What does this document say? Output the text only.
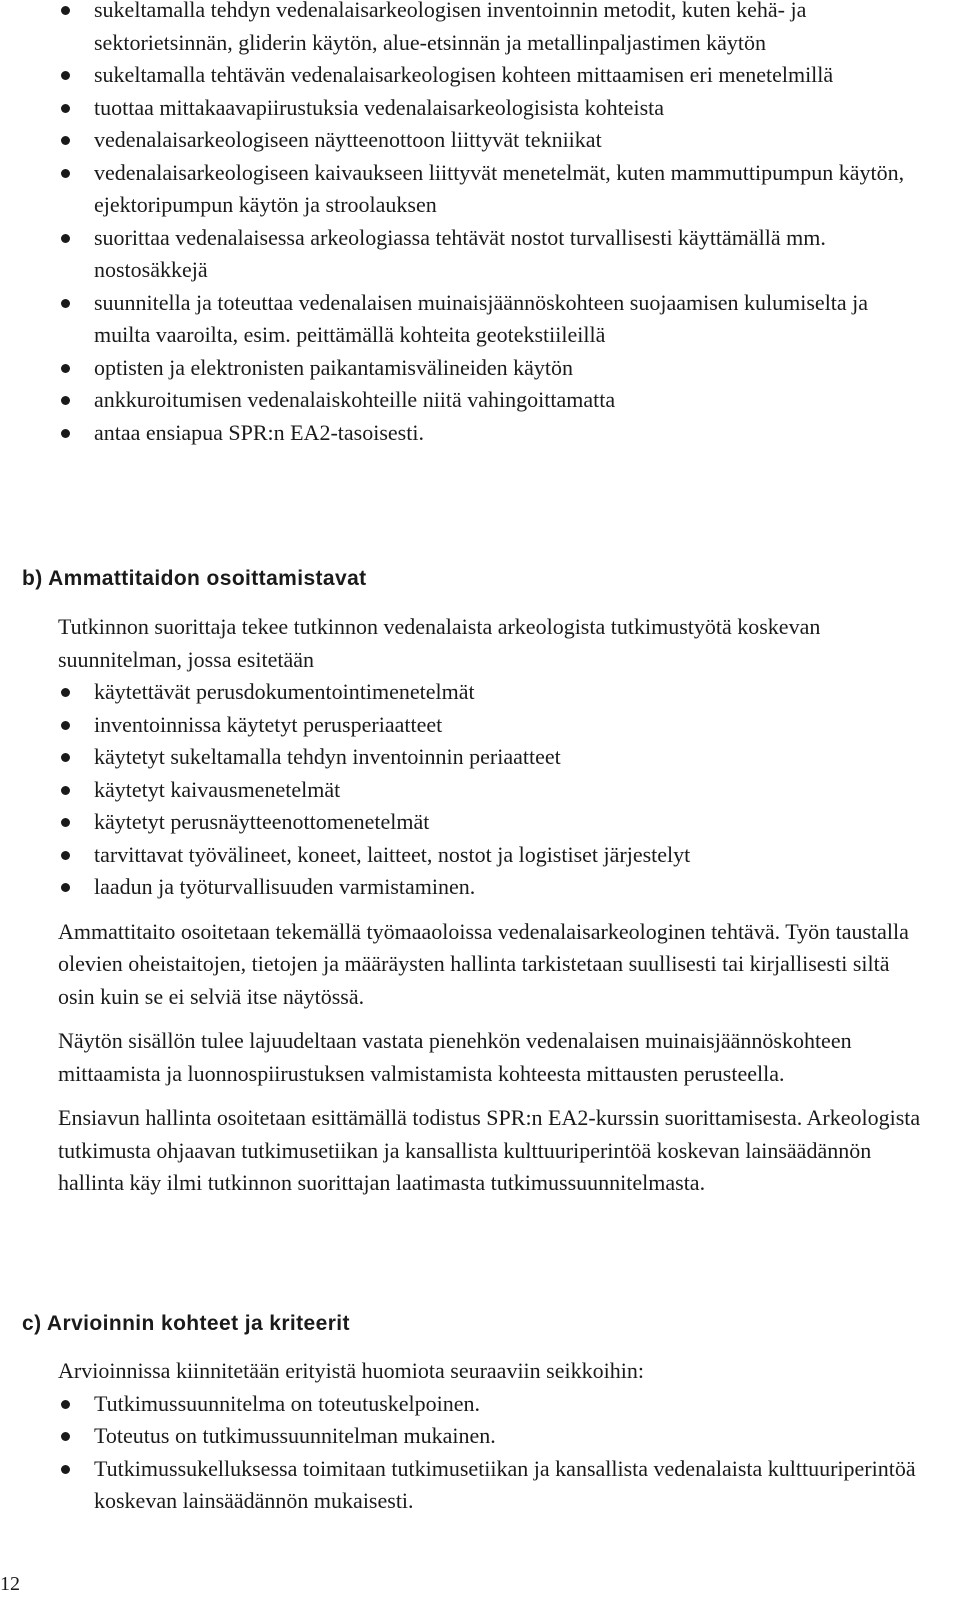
sukeltamalla tehdyn vedenalaisarkeologisen inventoinnin metodit, kuten kehä- ja sektorietsinnän, gliderin käytön, alue-etsinnän ja metallinpaljastimen käytön
sukeltamalla tehtävän vedenalaisarkeologisen kohteen mittaamisen eri menetelmillä
tuottaa mittakaavapiirustuksia vedenalaisarkeologisista kohteista
vedenalaisarkeologiseen näytteenottoon liittyvät tekniikat
vedenalaisarkeologiseen kaivaukseen liittyvät menetelmät, kuten mammuttipumpun käytön, ejektoripumpun käytön ja stroolauksen
suorittaa vedenalaisessa arkeologiassa tehtävät nostot turvallisesti käyttämällä mm. nostosäkkejä
suunnitella ja toteuttaa vedenalaisen muinaisjäännöskohteen suojaamisen kulumiselta ja muilta vaaroilta, esim. peittämällä kohteita geotekstiileillä
optisten ja elektronisten paikantamisvälineiden käytön
ankkuroitumisen vedenalaiskohteille niitä vahingoittamatta
antaa ensiapua SPR:n EA2-tasoisesti.
b) Ammattitaidon osoittamistavat

Tutkinnon suorittaja tekee tutkinnon vedenalaista arkeologista tutkimustyötä koskevan suunnitelman, jossa esitetään

käytettävät perusdokumentointimenetelmät
inventoinnissa käytetyt perusperiaatteet
käytetyt sukeltamalla tehdyn inventoinnin periaatteet
käytetyt kaivausmenetelmät
käytetyt perusnäytteenottomenetelmät
tarvittavat työvälineet, koneet, laitteet, nostot ja logistiset järjestelyt
laadun ja työturvallisuuden varmistaminen.

Ammattitaito osoitetaan tekemällä työmaaoloissa vedenalaisarkeologinen tehtävä. Työn taustalla olevien oheistaitojen, tietojen ja määräysten hallinta tarkistetaan suullisesti tai kirjallisesti siltä osin kuin se ei selviä itse näytössä.

Näytön sisällön tulee lajuudeltaan vastata pienehkön vedenalaisen muinaisjäännöskohteen mittaamista ja luonnospiirustuksen valmistamista kohteesta mittausten perusteella.

Ensiavun hallinta osoitetaan esittämällä todistus SPR:n EA2-kurssin suorittamisesta. Arkeologista tutkimusta ohjaavan tutkimusetiikan ja kansallista kulttuuriperintöä koskevan lainsäädännön hallinta käy ilmi tutkinnon suorittajan laatimasta tutkimussuunnitelmasta.

c) Arvioinnin kohteet ja kriteerit

Arvioinnissa kiinnitetään erityistä huomiota seuraaviin seikkoihin:

Tutkimussuunnitelma on toteutuskelpoinen.
Toteutus on tutkimussuunnitelman mukainen.
Tutkimussukelluksessa toimitaan tutkimusetiikan ja kansallista vedenalaista kulttuuriperintöä koskevan lainsäädännön mukaisesti.
12
